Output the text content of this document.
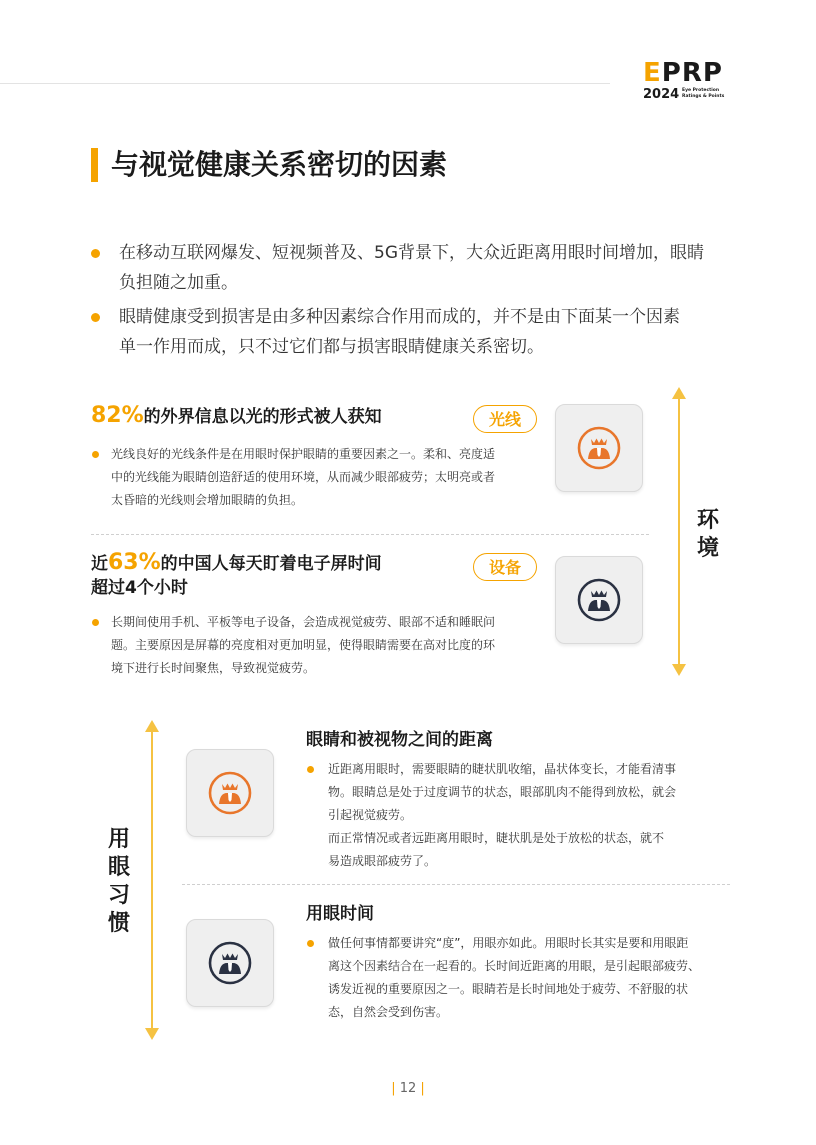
EPRP
2024 Eye Protection
Ratings & Points
与视觉健康关系密切的因素
在移动互联网爆发、短视频普及、5G背景下，大众近距离用眼时间增加，眼睛
负担随之加重。
眼睛健康受到损害是由多种因素综合作用而成的，并不是由下面某一个因素
单一作用而成，只不过它们都与损害眼睛健康关系密切。
82%的外界信息以光的形式被人获知	光线
光线良好的光线条件是在用眼时保护眼睛的重要因素之一。柔和、亮度适
中的光线能为眼睛创造舒适的使用环境，从而减少眼部疲劳；太明亮或者
太昏暗的光线则会增加眼睛的负担。
近63%的中国人每天盯着电子屏时间
超过4个小时
设备
长期间使用手机、平板等电子设备，会造成视觉疲劳、眼部不适和睡眠问
题。主要原因是屏幕的亮度相对更加明显，使得眼睛需要在高对比度的环
境下进行长时间聚焦，导致视觉疲劳。
环境
用眼习惯
眼睛和被视物之间的距离
近距离用眼时，需要眼睛的睫状肌收缩，晶状体变长，才能看清事
物。眼睛总是处于过度调节的状态，眼部肌肉不能得到放松，就会
引起视觉疲劳。
而正常情况或者远距离用眼时，睫状肌是处于放松的状态，就不
易造成眼部疲劳了。
用眼时间
做任何事情都要讲究“度”，用眼亦如此。用眼时长其实是要和用眼距
离这个因素结合在一起看的。长时间近距离的用眼，是引起眼部疲劳、
诱发近视的重要原因之一。眼睛若是长时间地处于疲劳、不舒服的状
态，自然会受到伤害。
| 12 |
